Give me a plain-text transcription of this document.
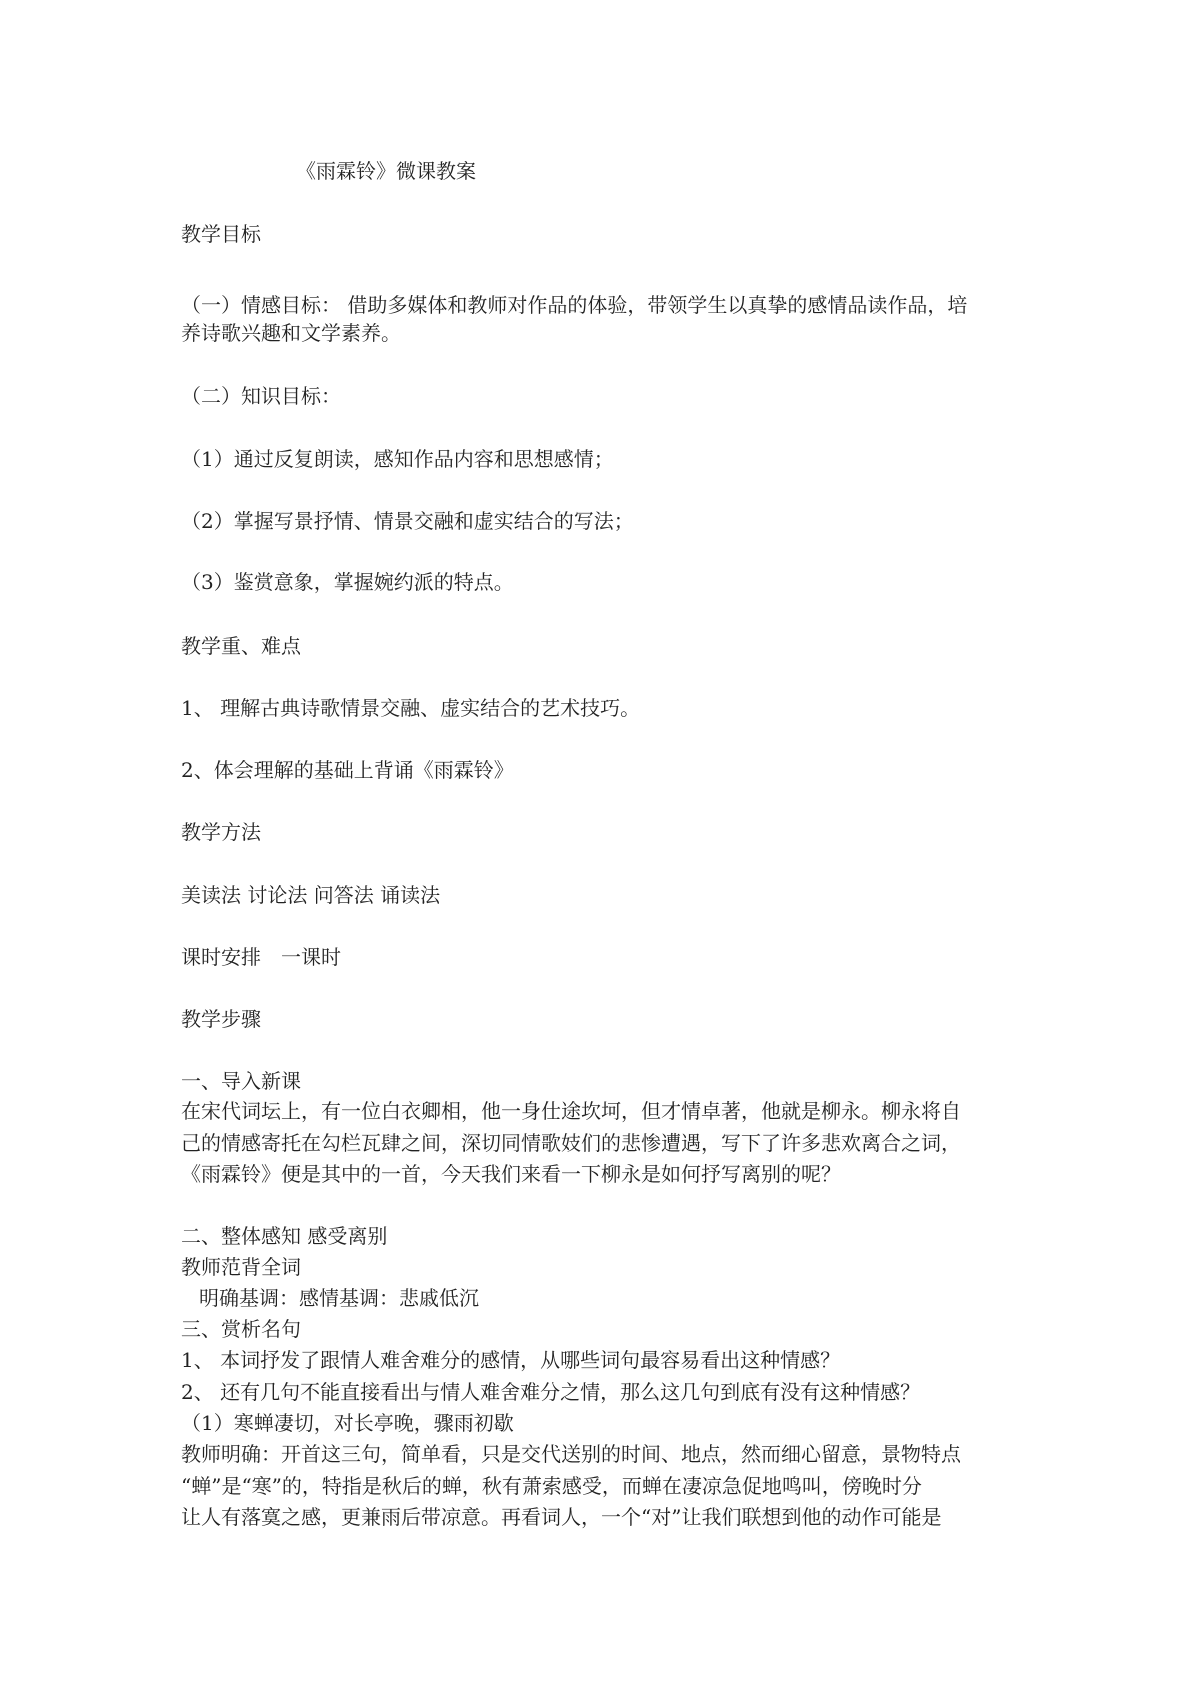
《雨霖铃》微课教案
教学目标
（一）情感目标： 借助多媒体和教师对作品的体验，带领学生以真挚的感情品读作品，培
养诗歌兴趣和文学素养。
（二）知识目标：
（1）通过反复朗读，感知作品内容和思想感情；
（2）掌握写景抒情、情景交融和虚实结合的写法；
（3）鉴赏意象，掌握婉约派的特点。
教学重、难点
1、 理解古典诗歌情景交融、虚实结合的艺术技巧。
2、体会理解的基础上背诵《雨霖铃》
教学方法
美读法 讨论法 问答法 诵读法
课时安排　一课时
教学步骤
一、导入新课
在宋代词坛上，有一位白衣卿相，他一身仕途坎坷，但才情卓著，他就是柳永。柳永将自
己的情感寄托在勾栏瓦肆之间，深切同情歌妓们的悲惨遭遇，写下了许多悲欢离合之词，
《雨霖铃》便是其中的一首，今天我们来看一下柳永是如何抒写离别的呢？
二、整体感知 感受离别
教师范背全词
明确基调：感情基调：悲戚低沉
三、赏析名句
1、 本词抒发了跟情人难舍难分的感情，从哪些词句最容易看出这种情感？
2、 还有几句不能直接看出与情人难舍难分之情，那么这几句到底有没有这种情感？
（1）寒蝉凄切，对长亭晚，骤雨初歇
教师明确：开首这三句，简单看，只是交代送别的时间、地点，然而细心留意，景物特点
“蝉”是“寒”的，特指是秋后的蝉，秋有萧索感受，而蝉在凄凉急促地鸣叫，傍晚时分
让人有落寞之感，更兼雨后带凉意。再看词人，一个“对”让我们联想到他的动作可能是
